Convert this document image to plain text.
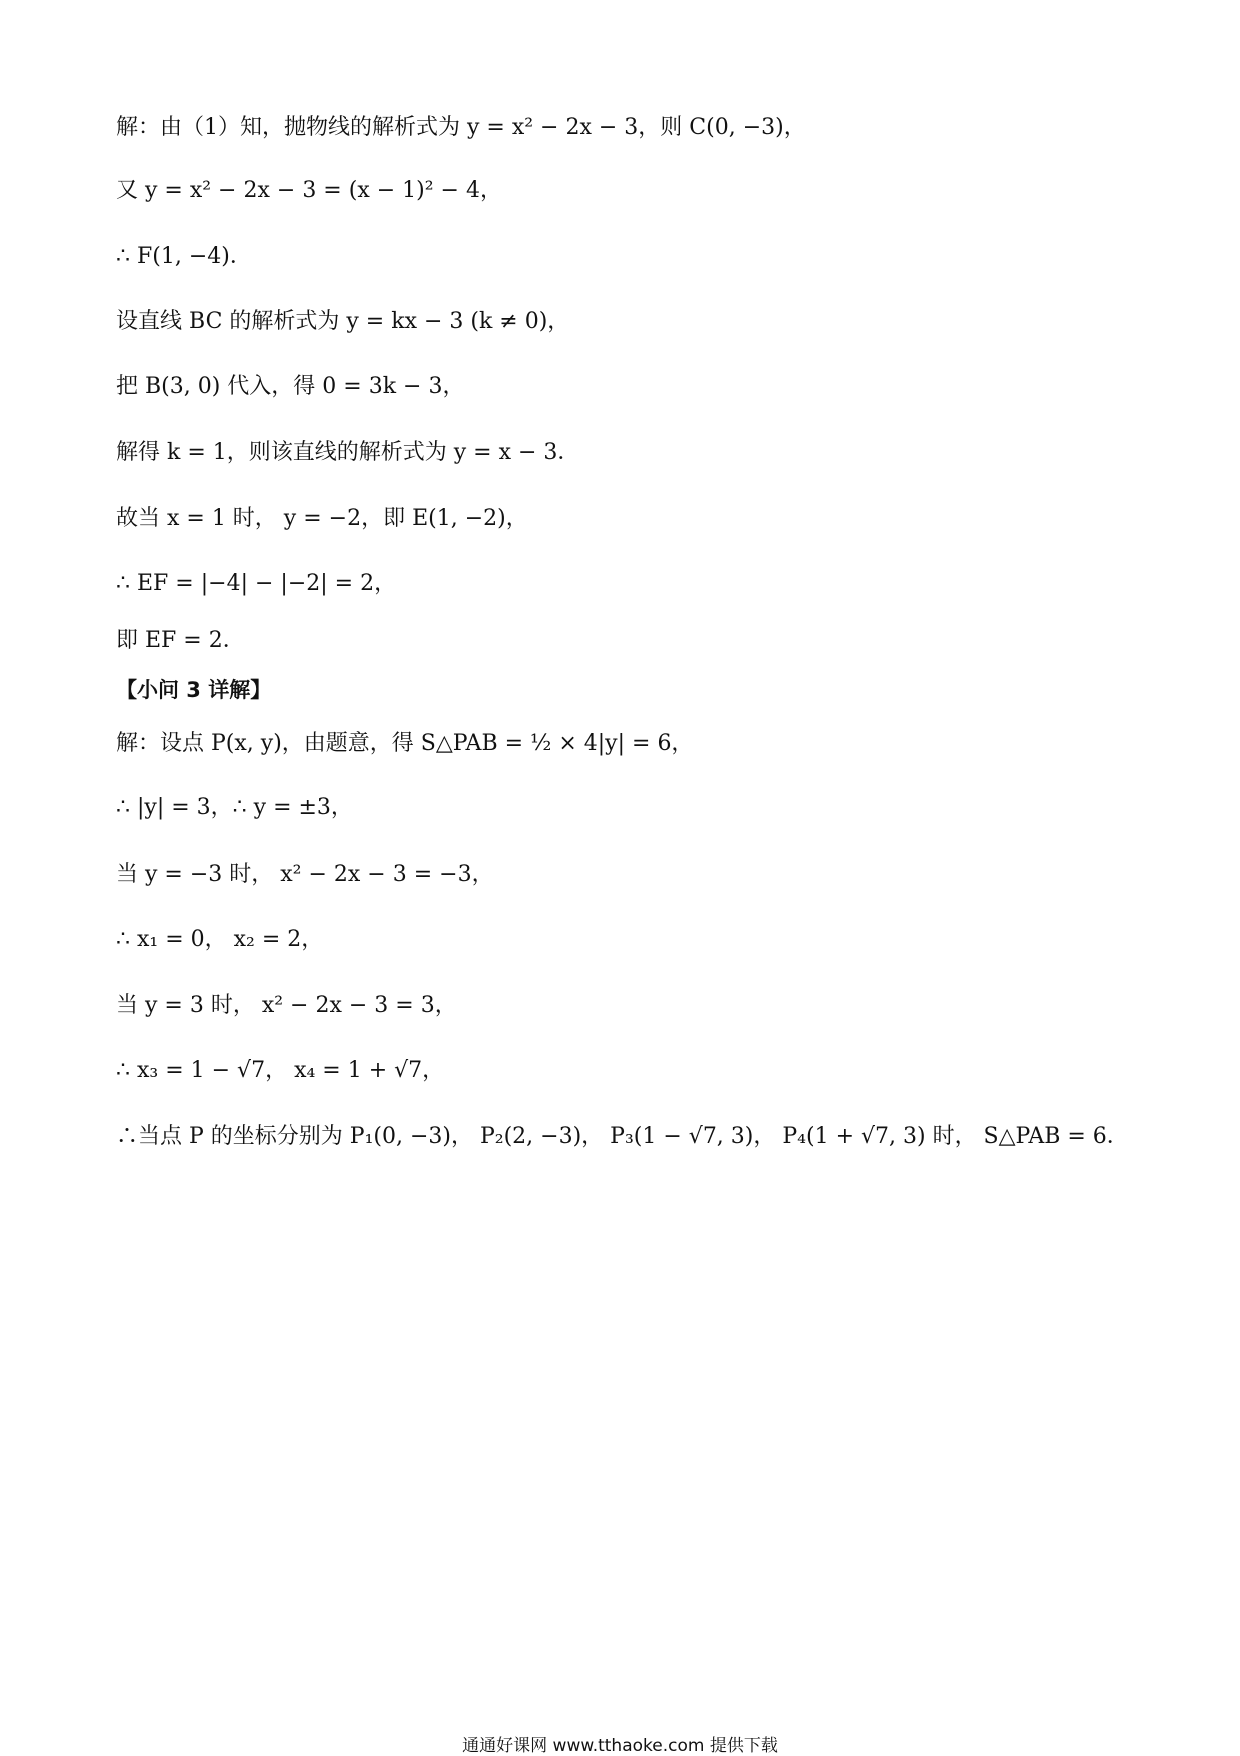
解：由（1）知，抛物线的解析式为 y = x² − 2x − 3，则 C(0, −3)，
又 y = x² − 2x − 3 = (x − 1)² − 4，
∴ F(1, −4)．
设直线 BC 的解析式为 y = kx − 3 (k ≠ 0)，
把 B(3, 0) 代入，得 0 = 3k − 3，
解得 k = 1，则该直线的解析式为 y = x − 3．
故当 x = 1 时， y = −2，即 E(1, −2)，
∴ EF = |−4| − |−2| = 2，
即 EF = 2．
【小问 3 详解】
解：设点 P(x, y)，由题意，得 S△PAB = ½ × 4|y| = 6，
∴ |y| = 3，∴ y = ±3，
当 y = −3 时， x² − 2x − 3 = −3，
∴ x₁ = 0， x₂ = 2，
当 y = 3 时， x² − 2x − 3 = 3，
∴ x₃ = 1 − √7， x₄ = 1 + √7，
∴当点 P 的坐标分别为 P₁(0, −3)， P₂(2, −3)， P₃(1 − √7, 3)， P₄(1 + √7, 3) 时， S△PAB = 6．
通通好课网 www.tthaoke.com 提供下载
